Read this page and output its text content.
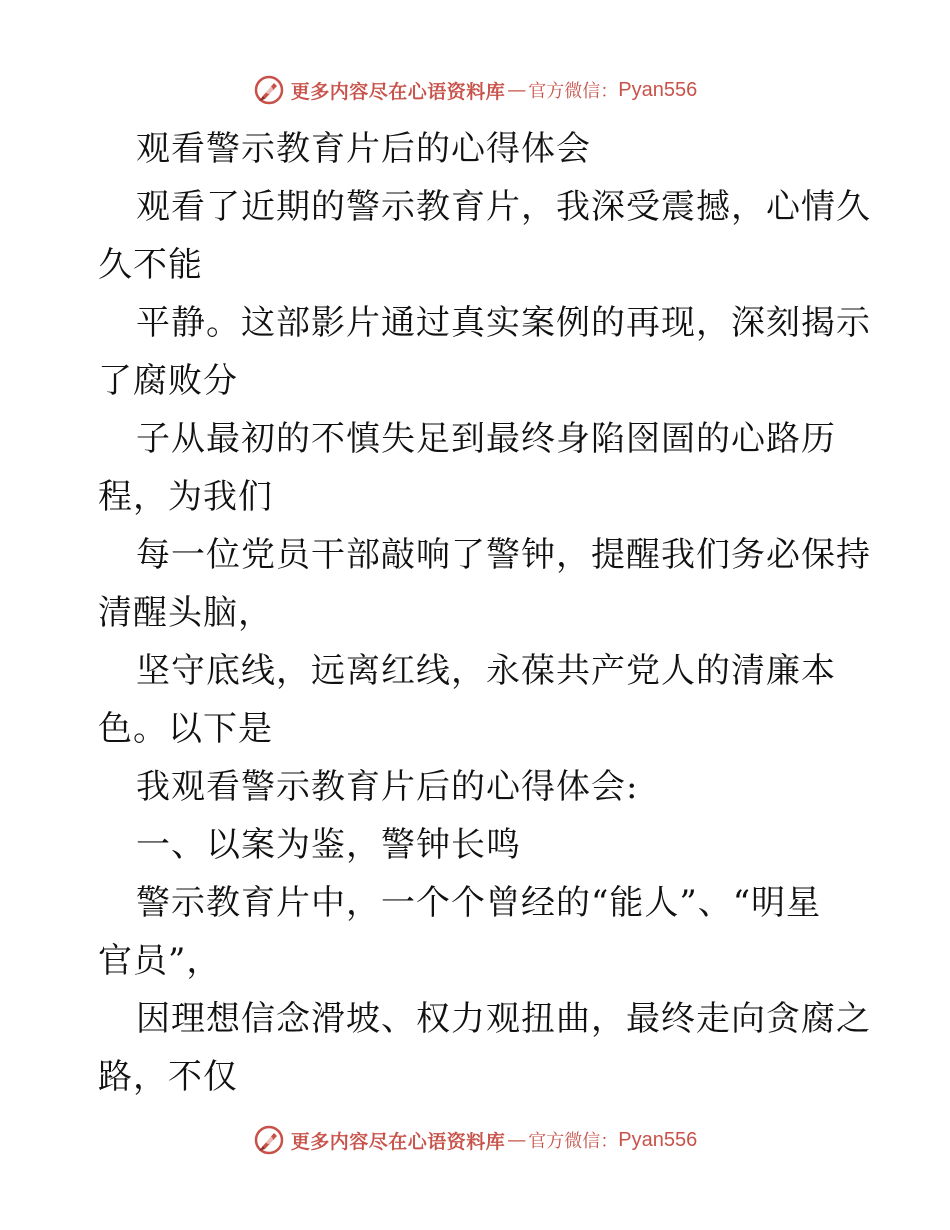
更多内容尽在心语资料库 — 官方微信： Pyan556
观看警示教育片后的心得体会
观看了近期的警示教育片，我深受震撼，心情久
久不能
平静。这部影片通过真实案例的再现，深刻揭示
了腐败分
子从最初的不慎失足到最终身陷囹圄的心路历
程，为我们
每一位党员干部敲响了警钟，提醒我们务必保持
清醒头脑，
坚守底线，远离红线，永葆共产党人的清廉本
色。以下是
我观看警示教育片后的心得体会:
一、以案为鉴，警钟长鸣
警示教育片中，一个个曾经的“能人”、“明星
官员”，
因理想信念滑坡、权力观扭曲，最终走向贪腐之
路，不仅
更多内容尽在心语资料库 — 官方微信： Pyan556
